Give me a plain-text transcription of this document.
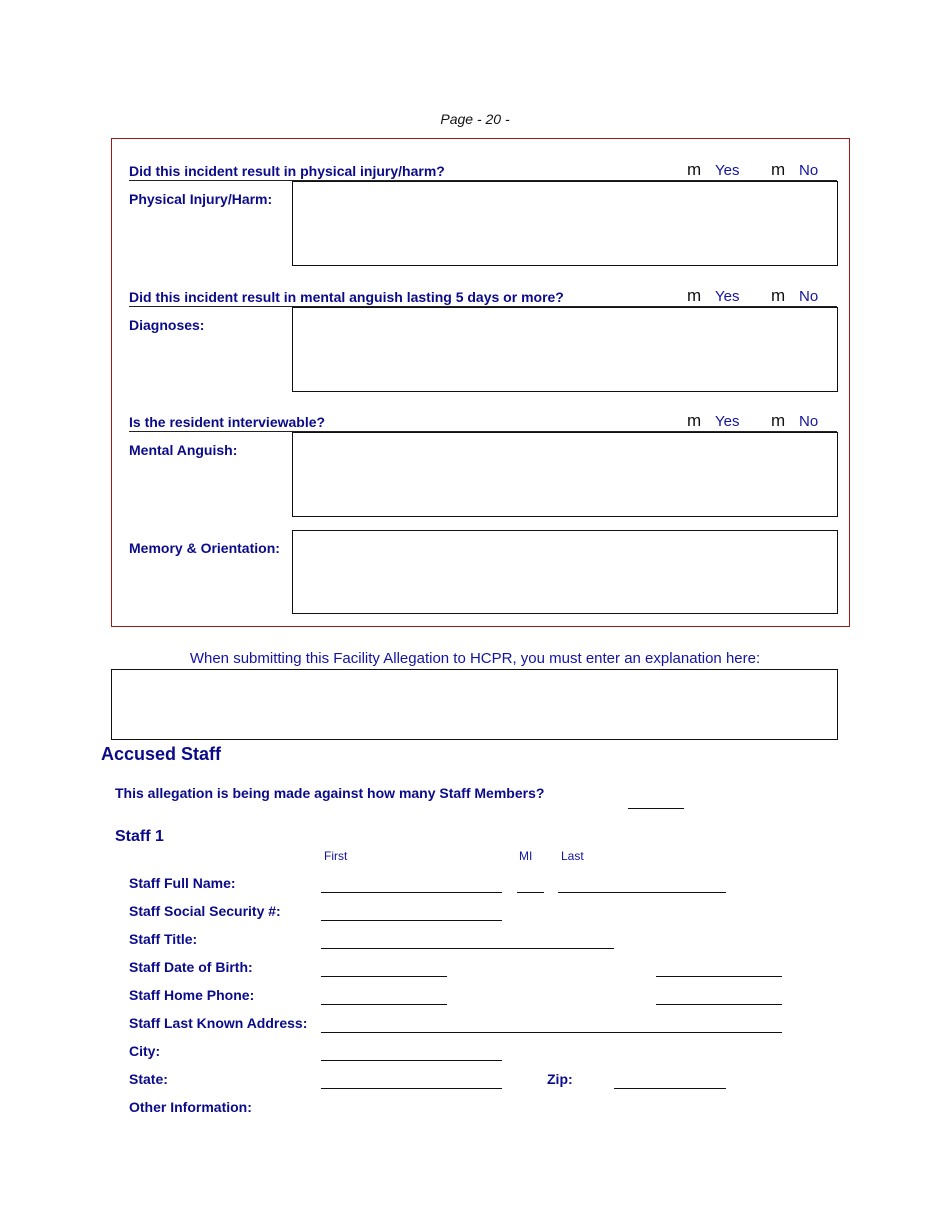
Page - 20 -
Did this incident result in physical injury/harm?	m Yes m No
Physical Injury/Harm:
Did this incident result in mental anguish lasting 5 days or more?	m Yes m No
Diagnoses:
Is the resident interviewable?	m Yes m No
Mental Anguish:
Memory & Orientation:
When submitting this Facility Allegation to HCPR, you must enter an explanation here:
Accused Staff
This allegation is being made against how many Staff Members?
Staff 1
First	MI Last
Staff Full Name:
Staff Social Security #:
Staff Title:
Staff Date of Birth:
Staff Home Phone:
Staff Last Known Address:
City:
State:	Zip:
Other Information:
